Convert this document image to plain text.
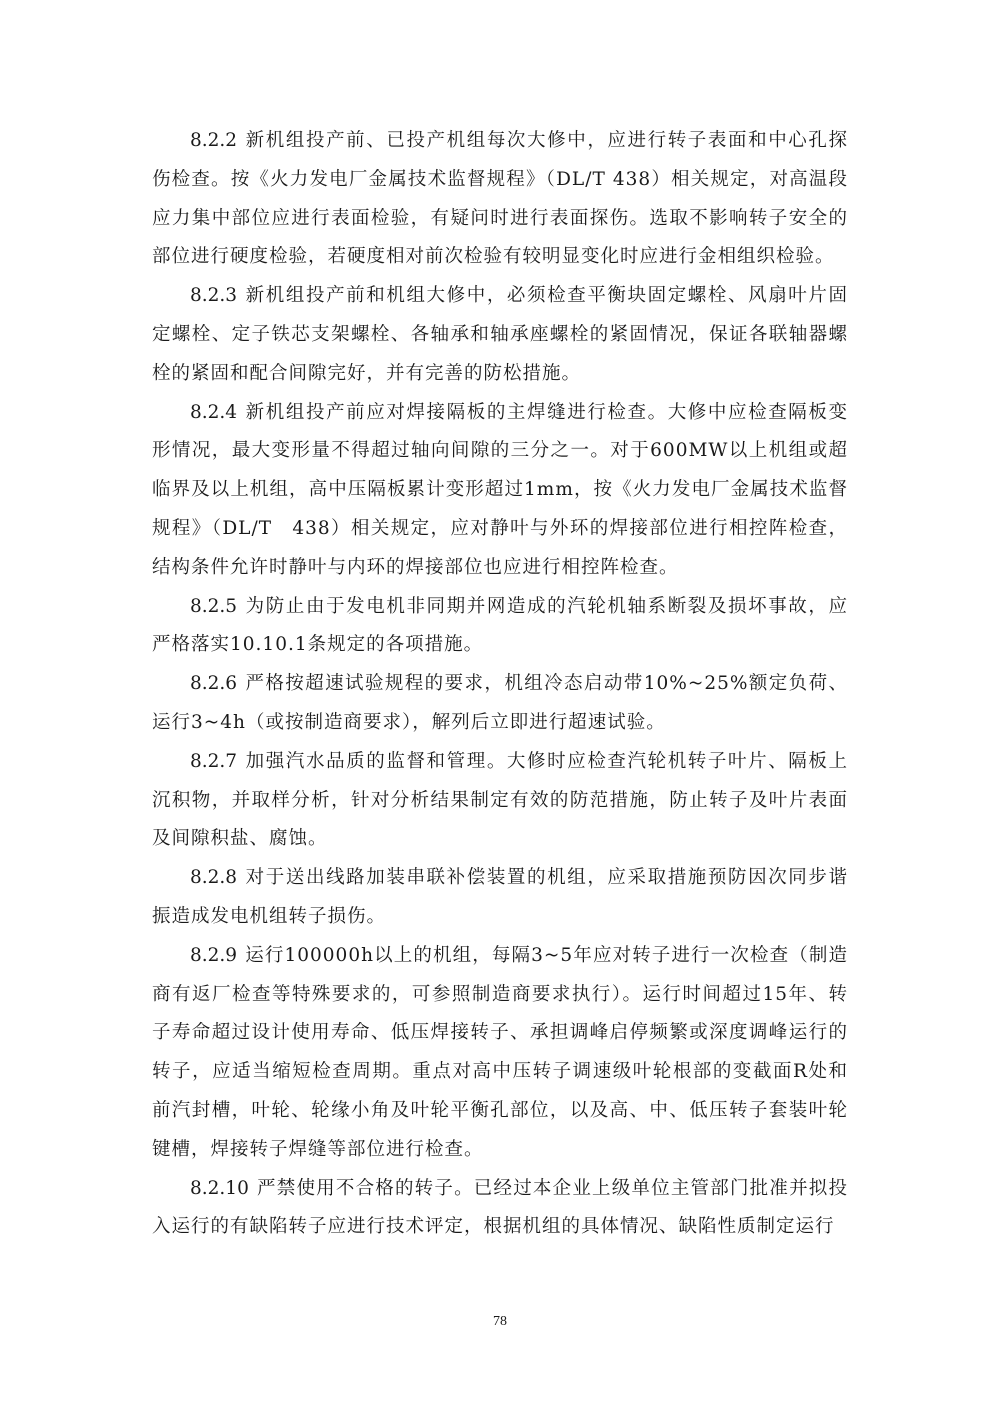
8.2.2 新机组投产前、已投产机组每次大修中，应进行转子表面和中心孔探伤检查。按《火力发电厂金属技术监督规程》（DL/T 438）相关规定，对高温段应力集中部位应进行表面检验，有疑问时进行表面探伤。选取不影响转子安全的部位进行硬度检验，若硬度相对前次检验有较明显变化时应进行金相组织检验。

8.2.3 新机组投产前和机组大修中，必须检查平衡块固定螺栓、风扇叶片固定螺栓、定子铁芯支架螺栓、各轴承和轴承座螺栓的紧固情况，保证各联轴器螺栓的紧固和配合间隙完好，并有完善的防松措施。

8.2.4 新机组投产前应对焊接隔板的主焊缝进行检查。大修中应检查隔板变形情况，最大变形量不得超过轴向间隙的三分之一。对于600MW以上机组或超临界及以上机组，高中压隔板累计变形超过1mm，按《火力发电厂金属技术监督规程》（DL/T　438）相关规定，应对静叶与外环的焊接部位进行相控阵检查，结构条件允许时静叶与内环的焊接部位也应进行相控阵检查。

8.2.5 为防止由于发电机非同期并网造成的汽轮机轴系断裂及损坏事故，应严格落实10.10.1条规定的各项措施。

8.2.6 严格按超速试验规程的要求，机组冷态启动带10%~25%额定负荷、运行3~4h（或按制造商要求），解列后立即进行超速试验。

8.2.7 加强汽水品质的监督和管理。大修时应检查汽轮机转子叶片、隔板上沉积物，并取样分析，针对分析结果制定有效的防范措施，防止转子及叶片表面及间隙积盐、腐蚀。

8.2.8 对于送出线路加装串联补偿装置的机组，应采取措施预防因次同步谐振造成发电机组转子损伤。

8.2.9 运行100000h以上的机组，每隔3~5年应对转子进行一次检查（制造商有返厂检查等特殊要求的，可参照制造商要求执行）。运行时间超过15年、转子寿命超过设计使用寿命、低压焊接转子、承担调峰启停频繁或深度调峰运行的转子，应适当缩短检查周期。重点对高中压转子调速级叶轮根部的变截面R处和前汽封槽，叶轮、轮缘小角及叶轮平衡孔部位，以及高、中、低压转子套装叶轮键槽，焊接转子焊缝等部位进行检查。

8.2.10 严禁使用不合格的转子。已经过本企业上级单位主管部门批准并拟投入运行的有缺陷转子应进行技术评定，根据机组的具体情况、缺陷性质制定运行

78
